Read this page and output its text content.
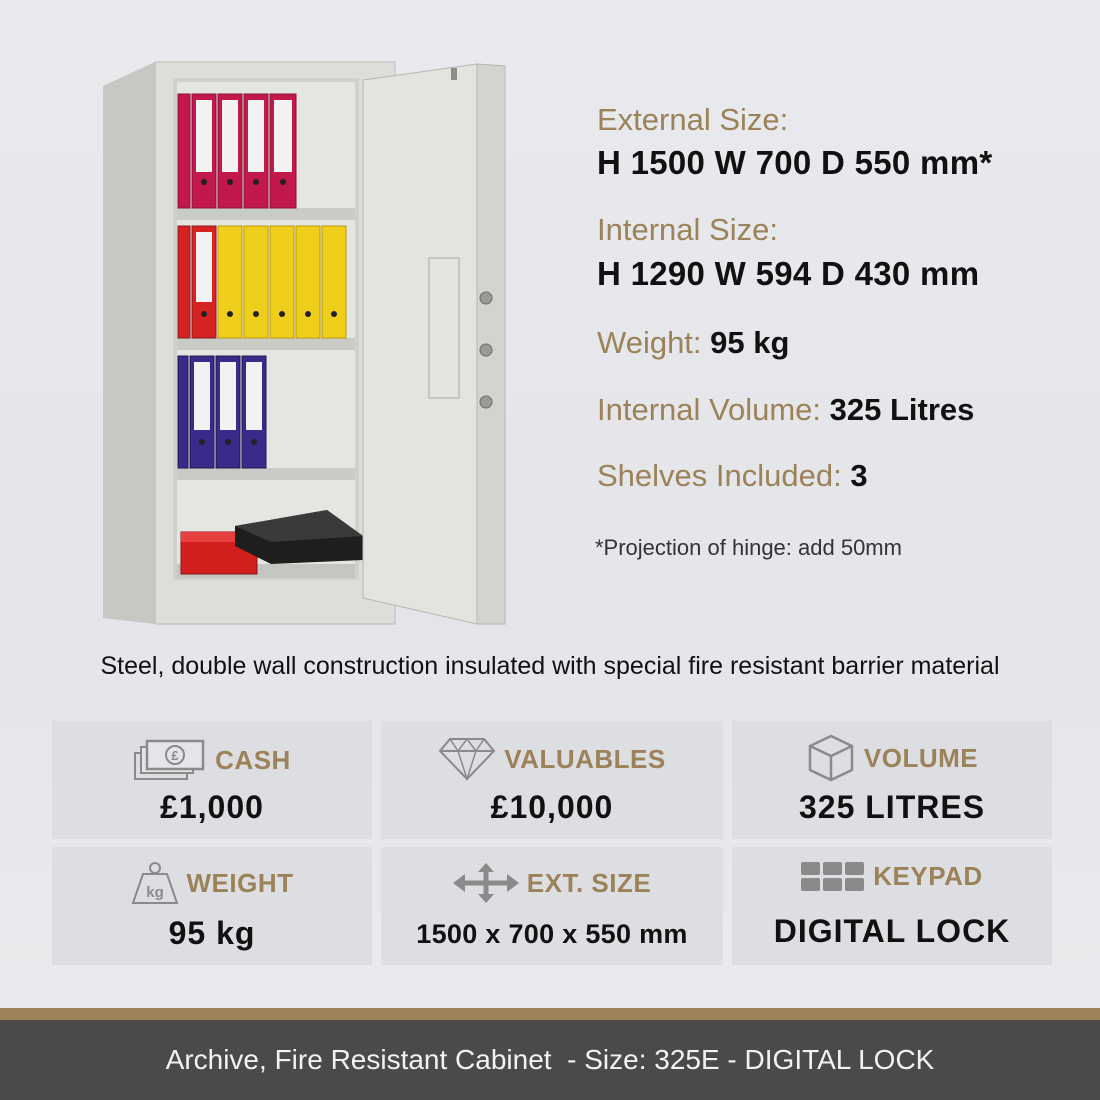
External Size:
H 1500 W 700 D 550 mm*
Internal Size:
H 1290 W 594 D 430 mm
Weight: 95 kg
Internal Volume: 325 Litres
Shelves Included: 3
*Projection of hinge: add 50mm
Steel, double wall construction insulated with special fire resistant barrier material
£ CASH
£1,000
VALUABLES
£10,000
VOLUME
325 LITRES
kg WEIGHT
95 kg
EXT. SIZE
1500 x 700 x 550 mm
KEYPAD
DIGITAL LOCK
Archive, Fire Resistant Cabinet  - Size: 325E - DIGITAL LOCK
